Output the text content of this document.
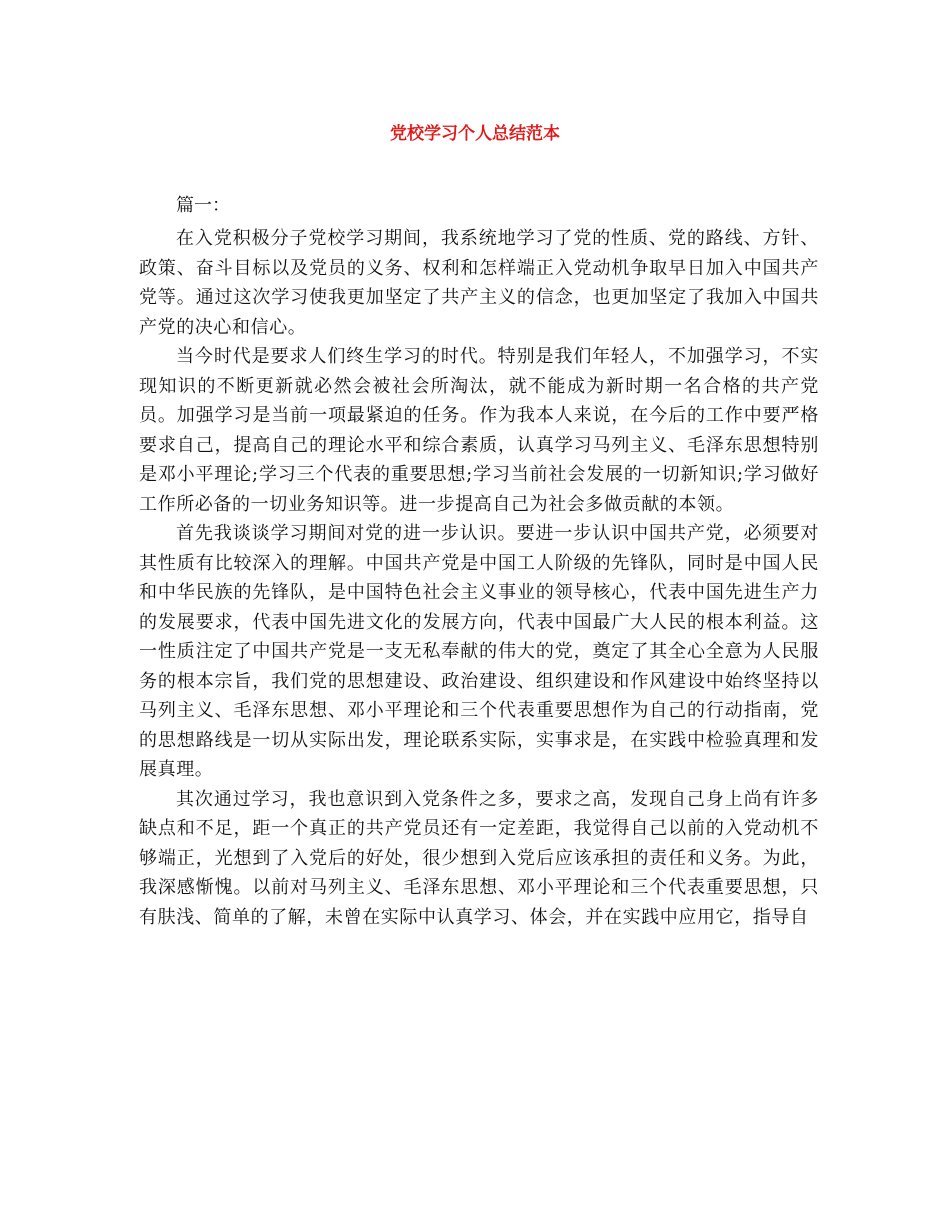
党校学习个人总结范本
篇一：

在入党积极分子党校学习期间，我系统地学习了党的性质、党的路线、方针、政策、奋斗目标以及党员的义务、权利和怎样端正入党动机争取早日加入中国共产党等。通过这次学习使我更加坚定了共产主义的信念，也更加坚定了我加入中国共产党的决心和信心。

当今时代是要求人们终生学习的时代。特别是我们年轻人，不加强学习，不实现知识的不断更新就必然会被社会所淘汰，就不能成为新时期一名合格的共产党员。加强学习是当前一项最紧迫的任务。作为我本人来说，在今后的工作中要严格要求自己，提高自己的理论水平和综合素质，认真学习马列主义、毛泽东思想特别是邓小平理论;学习三个代表的重要思想;学习当前社会发展的一切新知识;学习做好工作所必备的一切业务知识等。进一步提高自己为社会多做贡献的本领。

首先我谈谈学习期间对党的进一步认识。要进一步认识中国共产党，必须要对其性质有比较深入的理解。中国共产党是中国工人阶级的先锋队，同时是中国人民和中华民族的先锋队，是中国特色社会主义事业的领导核心，代表中国先进生产力的发展要求，代表中国先进文化的发展方向，代表中国最广大人民的根本利益。这一性质注定了中国共产党是一支无私奉献的伟大的党，奠定了其全心全意为人民服务的根本宗旨，我们党的思想建设、政治建设、组织建设和作风建设中始终坚持以马列主义、毛泽东思想、邓小平理论和三个代表重要思想作为自己的行动指南，党的思想路线是一切从实际出发，理论联系实际，实事求是，在实践中检验真理和发展真理。

其次通过学习，我也意识到入党条件之多，要求之高，发现自己身上尚有许多缺点和不足，距一个真正的共产党员还有一定差距，我觉得自己以前的入党动机不够端正，光想到了入党后的好处，很少想到入党后应该承担的责任和义务。为此，我深感惭愧。以前对马列主义、毛泽东思想、邓小平理论和三个代表重要思想，只有肤浅、简单的了解，未曾在实际中认真学习、体会，并在实践中应用它，指导自
